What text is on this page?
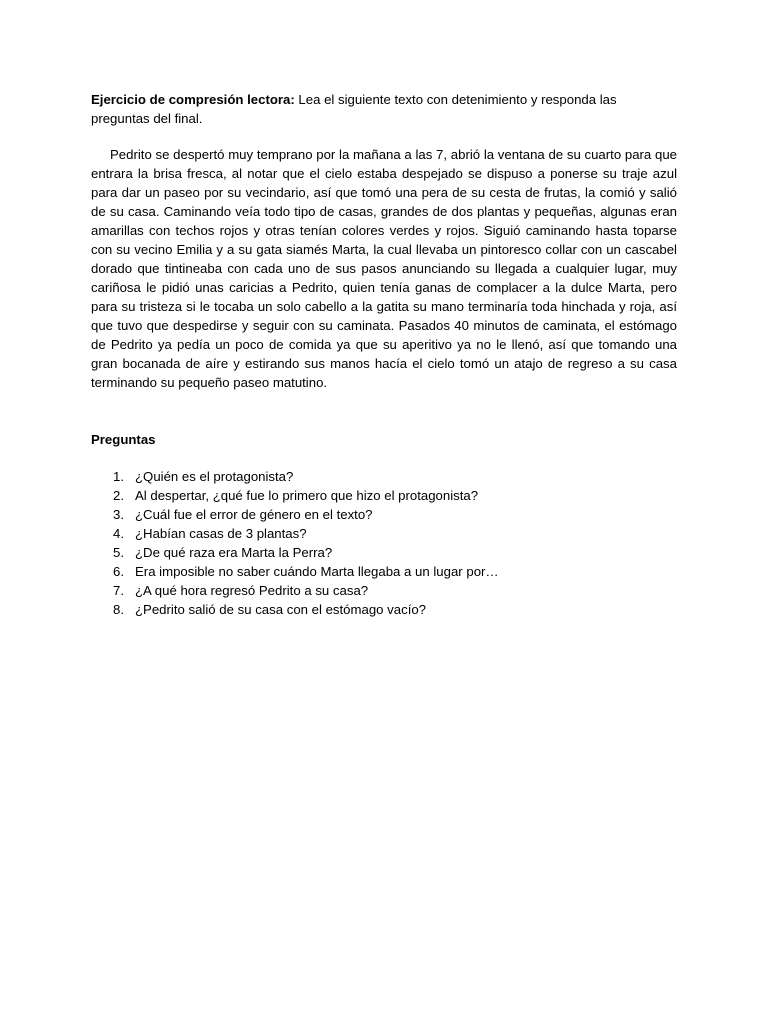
Ejercicio de compresión lectora: Lea el siguiente texto con detenimiento y responda las preguntas del final.

Pedrito se despertó muy temprano por la mañana a las 7, abrió la ventana de su cuarto para que entrara la brisa fresca, al notar que el cielo estaba despejado se dispuso a ponerse su traje azul para dar un paseo por su vecindario, así que tomó una pera de su cesta de frutas, la comió y salió de su casa. Caminando veía todo tipo de casas, grandes de dos plantas y pequeñas, algunas eran amarillas con techos rojos y otras tenían colores verdes y rojos. Siguió caminando hasta toparse con su vecino Emilia y a su gata siamés Marta, la cual llevaba un pintoresco collar con un cascabel dorado que tintineaba con cada uno de sus pasos anunciando su llegada a cualquier lugar, muy cariñosa le pidió unas caricias a Pedrito, quien tenía ganas de complacer a la dulce Marta, pero para su tristeza si le tocaba un solo cabello a la gatita su mano terminaría toda hinchada y roja, así que tuvo que despedirse y seguir con su caminata. Pasados 40 minutos de caminata, el estómago de Pedrito ya pedía un poco de comida ya que su aperitivo ya no le llenó, así que tomando una gran bocanada de aíre y estirando sus manos hacía el cielo tomó un atajo de regreso a su casa terminando su pequeño paseo matutino.

Preguntas
1. ¿Quién es el protagonista?
2. Al despertar, ¿qué fue lo primero que hizo el protagonista?
3. ¿Cuál fue el error de género en el texto?
4. ¿Habían casas de 3 plantas?
5. ¿De qué raza era Marta la Perra?
6. Era imposible no saber cuándo Marta llegaba a un lugar por…
7. ¿A qué hora regresó Pedrito a su casa?
8. ¿Pedrito salió de su casa con el estómago vacío?
